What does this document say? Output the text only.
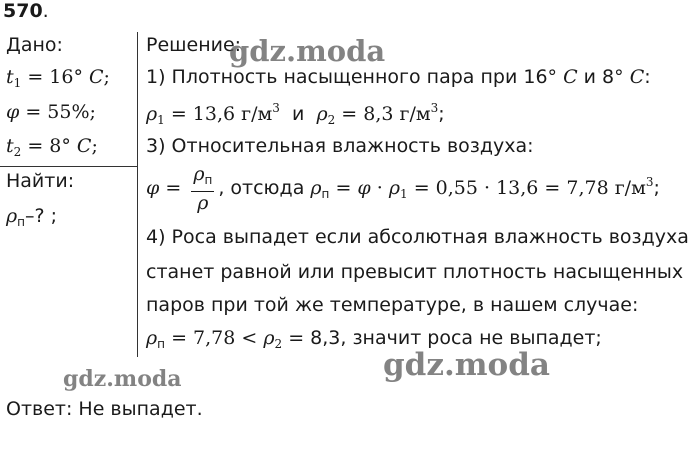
570.
Дано:
$t_1 = 16^\circ$ C;
φ = 55%;
$t_2 = 8^\circ$ C;
Найти:
$\rho_п-$? ;
Решение:
1) Плотность насыщенного пара при 16° C и 8° C:
$\rho_1 = 13,6$ $г/м^3$  и  $\rho_2 = 8,3$ $г/м^3$;
3) Относительная влажность воздуха:
$\varphi = \frac{\rho_п}{\rho}$ , отсюда $\rho_п = \varphi \cdot \rho_1 = 0,55 \cdot 13,6 = 7,78$ $г/м^3$;
4) Роса выпадет если абсолютная влажность воздуха
станет равной или превысит плотность насыщенных
паров при той же температуре, в нашем случае:
$\rho_п = 7,78 < \rho_2 = 8,3$, значит роса не выпадет;
Ответ: Не выпадет.
gdz.moda
gdz.moda	gdz.moda
